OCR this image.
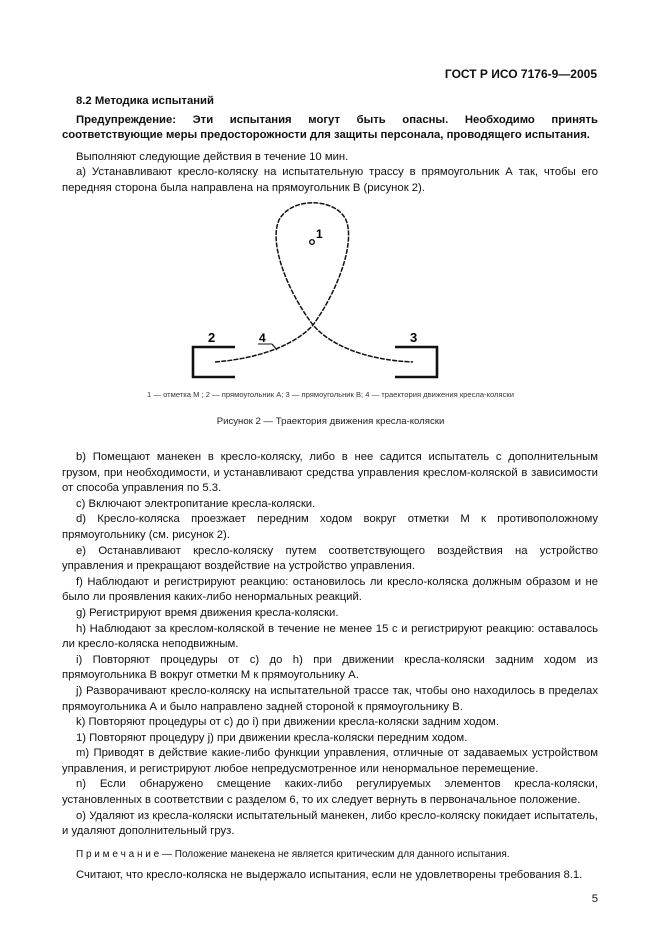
ГОСТ Р ИСО 7176-9—2005
8.2 Методика испытаний

Предупреждение: Эти испытания могут быть опасны. Необходимо принять соответствующие меры предосторожности для защиты персонала, проводящего испытания.

Выполняют следующие действия в течение 10 мин.

а) Устанавливают кресло-коляску на испытательную трассу в прямоугольник А так, чтобы его передняя сторона была направлена на прямоугольник В (рисунок 2).

1
2	3
4
1 — отметка М ; 2 — прямоугольник А; 3 — прямоугольник В; 4 — траектория движения кресла-коляски
Рисунок 2 — Траектория движения кресла-коляски

b) Помещают манекен в кресло-коляску, либо в нее садится испытатель с дополнительным грузом, при необходимости, и устанавливают средства управления креслом-коляской в зависимости от способа управления по 5.3.

с) Включают электропитание кресла-коляски.

d) Кресло-коляска проезжает передним ходом вокруг отметки М к противоположному прямоугольнику (см. рисунок 2).

е) Останавливают кресло-коляску путем соответствующего воздействия на устройство управления и прекращают воздействие на устройство управления.

f) Наблюдают и регистрируют реакцию: остановилось ли кресло-коляска должным образом и не было ли проявления каких-либо ненормальных реакций.

g) Регистрируют время движения кресла-коляски.

h) Наблюдают за креслом-коляской в течение не менее 15 с и регистрируют реакцию: оставалось ли кресло-коляска неподвижным.

i) Повторяют процедуры от с) до h) при движении кресла-коляски задним ходом из прямоугольника В вокруг отметки М к прямоугольнику А.

j) Разворачивают кресло-коляску на испытательной трассе так, чтобы оно находилось в пределах прямоугольника А и было направлено задней стороной к прямоугольнику В.

k) Повторяют процедуры от с) до i) при движении кресла-коляски задним ходом.

1) Повторяют процедуру j) при движении кресла-коляски передним ходом.

m) Приводят в действие какие-либо функции управления, отличные от задаваемых устройством управления, и регистрируют любое непредусмотренное или ненормальное перемещение.

n) Если обнаружено смещение каких-либо регулируемых элементов кресла-коляски, установленных в соответствии с разделом 6, то их следует вернуть в первоначальное положение.

о) Удаляют из кресла-коляски испытательный манекен, либо кресло-коляску покидает испытатель, и удаляют дополнительный груз.

П р и м е ч а н и е — Положение манекена не является критическим для данного испытания.

Считают, что кресло-коляска не выдержало испытания, если не удовлетворены требования 8.1.

5
